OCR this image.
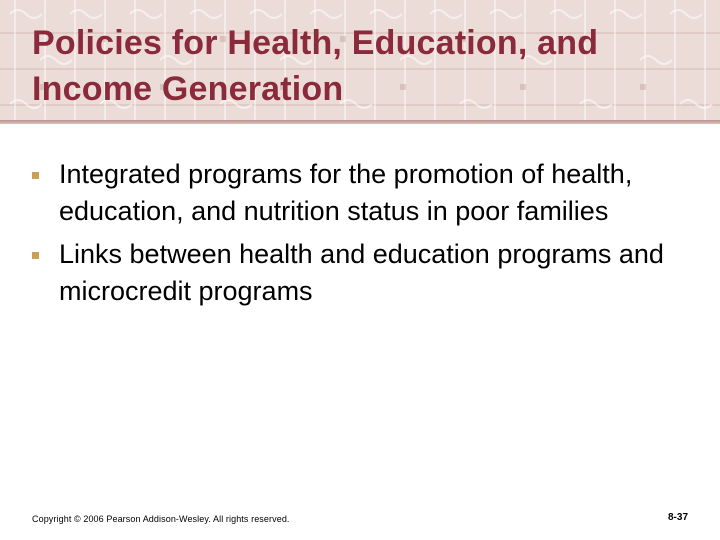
Policies for Health, Education, and Income Generation
Integrated programs for the promotion of health, education, and nutrition status in poor families
Links between health and education programs and microcredit programs
Copyright © 2006 Pearson Addison-Wesley. All rights reserved.	8-37
